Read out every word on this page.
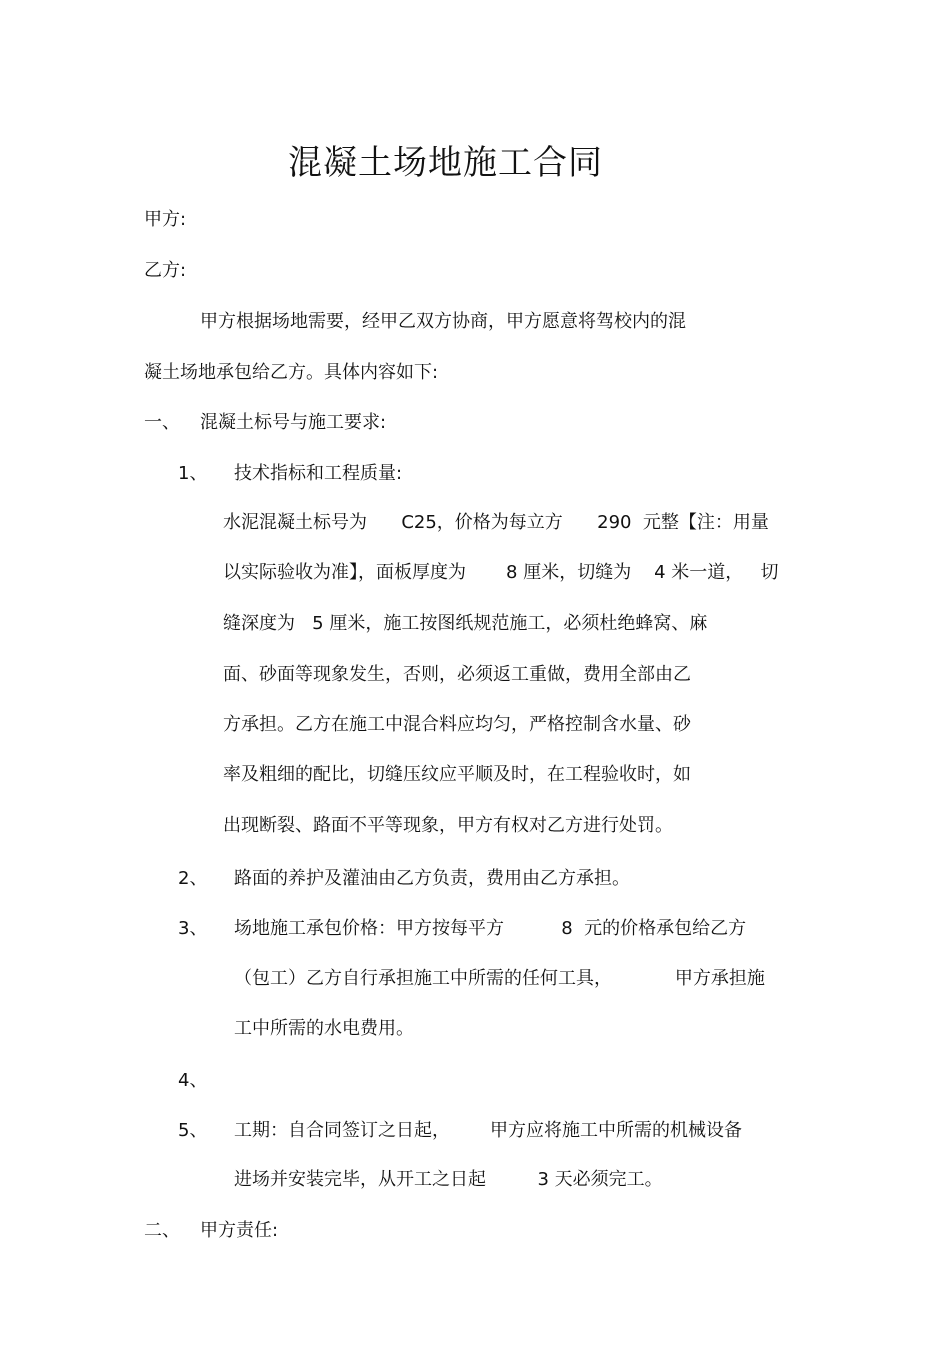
混凝土场地施工合同
甲方:
乙方:
甲方根据场地需要，经甲乙双方协商，甲方愿意将驾校内的混
凝土场地承包给乙方。具体内容如下:
一、 混凝土标号与施工要求:
1、 技术指标和工程质量:
水泥混凝土标号为      C25，价格为每立方      290  元整【注：用量
以实际验收为准】，面板厚度为       8 厘米，切缝为    4 米一道，   切
缝深度为   5 厘米，施工按图纸规范施工，必须杜绝蜂窝、麻
面、砂面等现象发生，否则，必须返工重做，费用全部由乙
方承担。乙方在施工中混合料应均匀，严格控制含水量、砂
率及粗细的配比，切缝压纹应平顺及时，在工程验收时，如
出现断裂、路面不平等现象，甲方有权对乙方进行处罚。
2、 路面的养护及灌油由乙方负责，费用由乙方承担。
3、 场地施工承包价格：甲方按每平方          8  元的价格承包给乙方
（包工）乙方自行承担施工中所需的任何工具，           甲方承担施
工中所需的水电费用。
4、
5、 工期：自合同签订之日起，       甲方应将施工中所需的机械设备
进场并安装完毕，从开工之日起         3 天必须完工。
二、 甲方责任:
